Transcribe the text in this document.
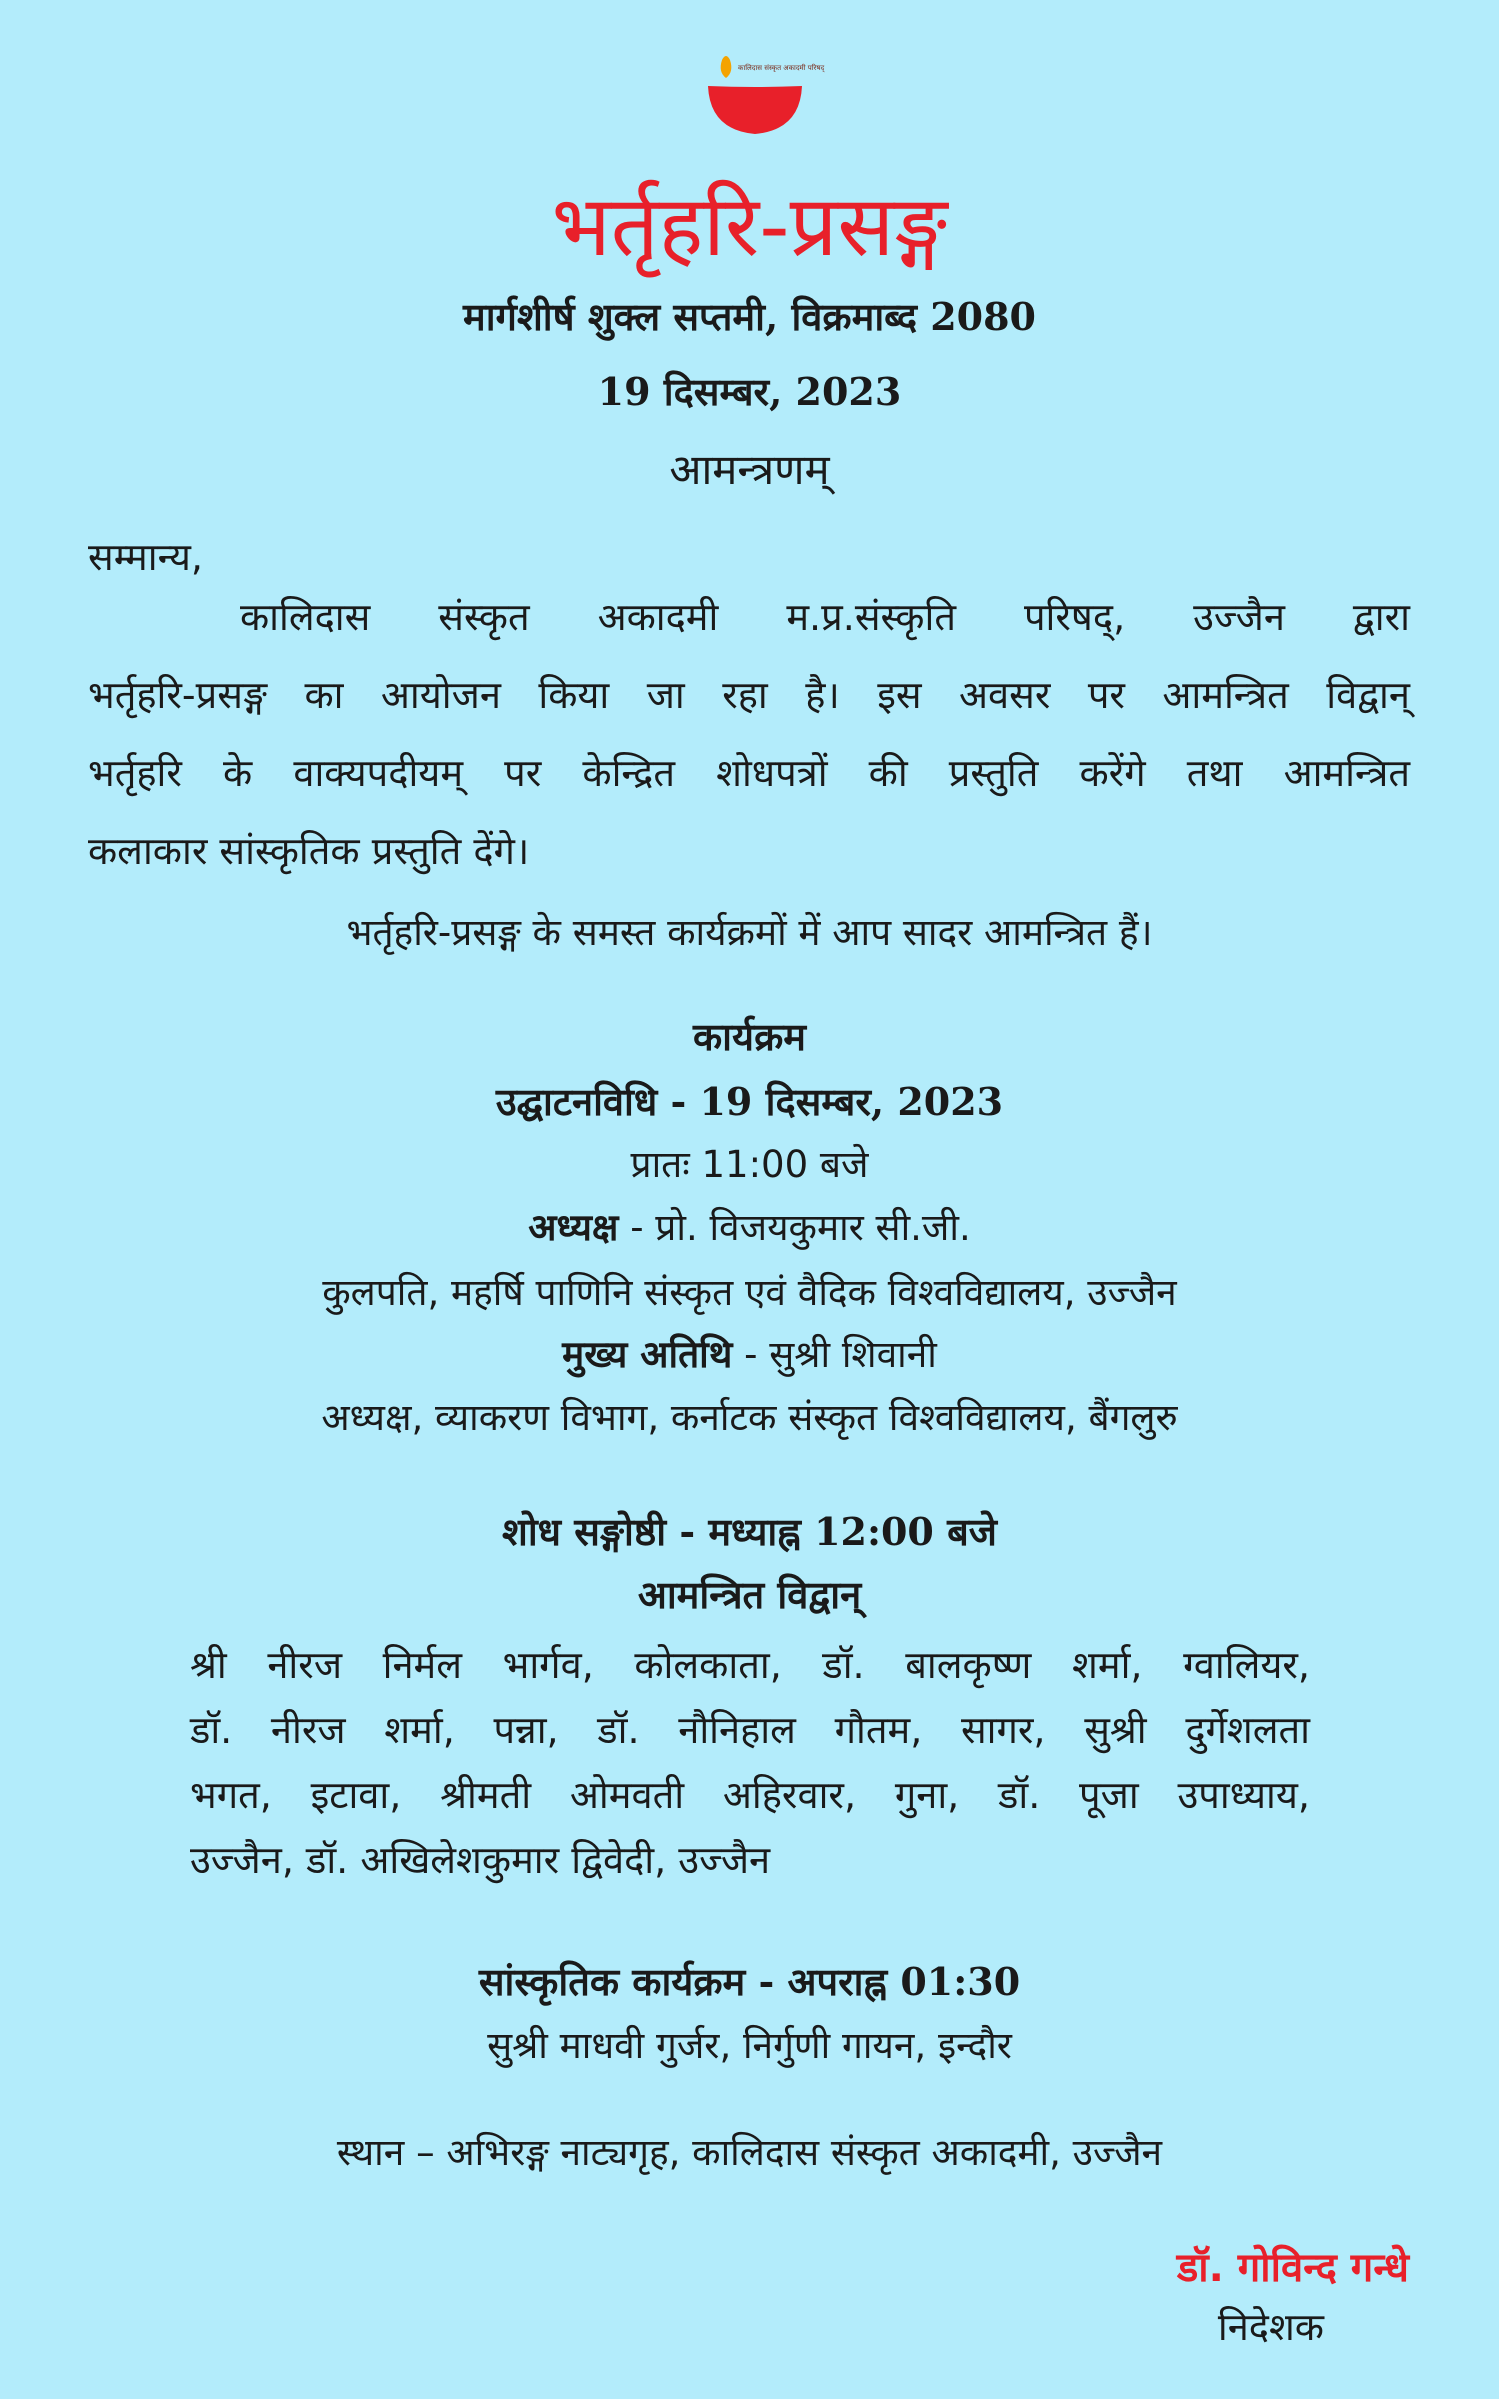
कालिदास संस्कृत अकादमी परिषद्
भर्तृहरि-प्रसङ्ग
मार्गशीर्ष शुक्ल सप्तमी, विक्रमाब्द 2080
19 दिसम्बर, 2023
आमन्त्रणम्
सम्मान्य,
कालिदास संस्कृत अकादमी म.प्र.संस्कृति परिषद्, उज्जैन द्वारा
भर्तृहरि-प्रसङ्ग का आयोजन किया जा रहा है। इस अवसर पर आमन्त्रित विद्वान्
भर्तृहरि के वाक्यपदीयम् पर केन्द्रित शोधपत्रों की प्रस्तुति करेंगे तथा आमन्त्रित
कलाकार सांस्कृतिक प्रस्तुति देंगे।
भर्तृहरि-प्रसङ्ग के समस्त कार्यक्रमों में आप सादर आमन्त्रित हैं।
कार्यक्रम
उद्घाटनविधि - 19 दिसम्बर, 2023
प्रातः 11:00 बजे
अध्यक्ष - प्रो. विजयकुमार सी.जी.
कुलपति, महर्षि पाणिनि संस्कृत एवं वैदिक विश्वविद्यालय, उज्जैन
मुख्य अतिथि - सुश्री शिवानी
अध्यक्ष, व्याकरण विभाग, कर्नाटक संस्कृत विश्वविद्यालय, बैंगलुरु
शोध सङ्गोष्ठी - मध्याह्न 12:00 बजे
आमन्त्रित विद्वान्
श्री नीरज निर्मल भार्गव, कोलकाता, डॉ. बालकृष्ण शर्मा, ग्वालियर,
डॉ. नीरज शर्मा, पन्ना, डॉ. नौनिहाल गौतम, सागर, सुश्री दुर्गेशलता
भगत, इटावा, श्रीमती ओमवती अहिरवार, गुना, डॉ. पूजा उपाध्याय,
उज्जैन, डॉ. अखिलेशकुमार द्विवेदी, उज्जैन
सांस्कृतिक कार्यक्रम - अपराह्न 01:30
सुश्री माधवी गुर्जर, निर्गुणी गायन, इन्दौर
स्थान – अभिरङ्ग नाट्यगृह, कालिदास संस्कृत अकादमी, उज्जैन
डॉ. गोविन्द गन्धे
निदेशक
